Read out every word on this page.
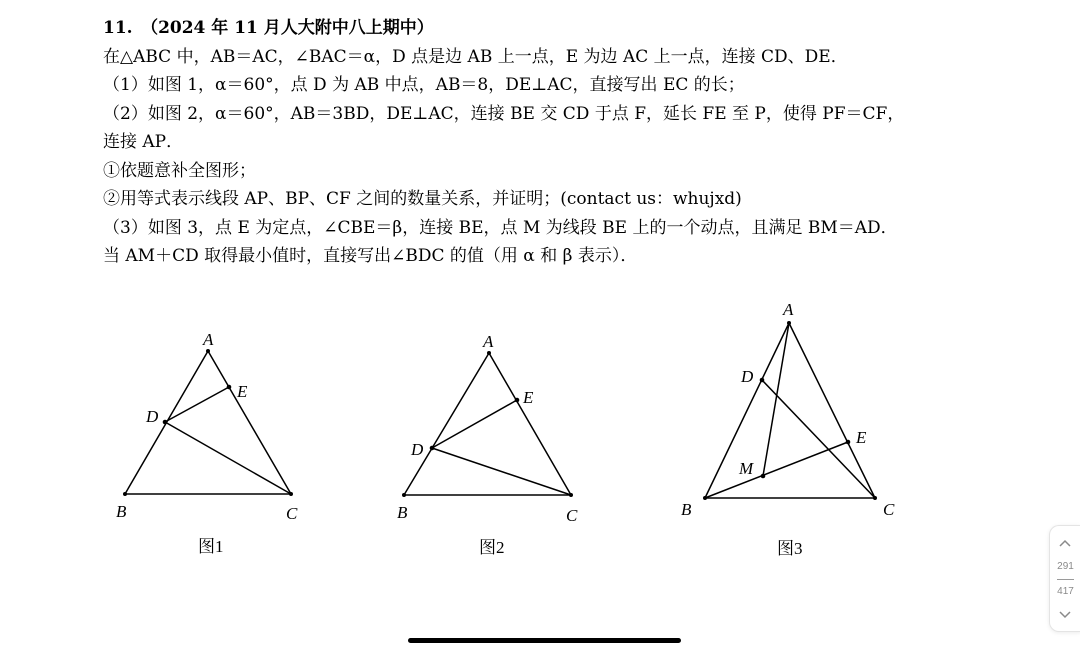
11.　（2024 年 11 月人大附中八上期中）
在△ABC 中，AB＝AC，∠BAC＝α，D 点是边 AB 上一点，E 为边 AC 上一点，连接 CD、DE．
（1）如图 1，α＝60°，点 D 为 AB 中点，AB＝8，DE⊥AC，直接写出 EC 的长；
（2）如图 2，α＝60°，AB＝3BD，DE⊥AC，连接 BE 交 CD 于点 F，延长 FE 至 P，使得 PF＝CF，
连接 AP．
①依题意补全图形；
②用等式表示线段 AP、BP、CF 之间的数量关系，并证明；(contact us：whujxd)
（3）如图 3，点 E 为定点，∠CBE＝β，连接 BE，点 M 为线段 BE 上的一个动点，且满足 BM＝AD．
当 AM＋CD 取得最小值时，直接写出∠BDC 的值（用 α 和 β 表示）．
A
B	C
D
E
A
B	C
D
E
A
B	C
D
E
M
图1	图2	图3
291
417
